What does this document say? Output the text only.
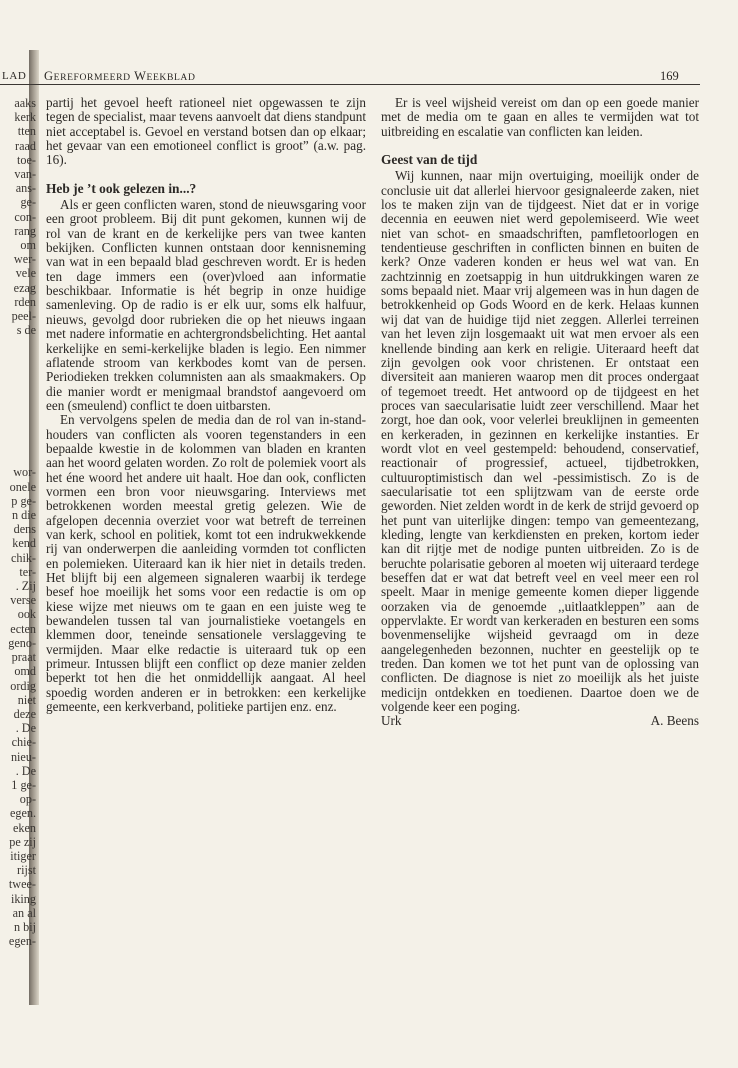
aaks
kerk
tten
raad
toe-
van-
ans-
ge-
con-
rang
om
wer-
vele
ezag
rden
peel-
s de
wor-
onele
p ge-
n die
dens
kend
chik-
ter-
. Zij
verse
ook
ecten
geno-
praat
omd
ordig
niet
deze
. De
chie-
nieu-
. De
1 ge-
op-
egen.
eken
pe zij
itiger
rijst
twee-
iking
an al
n bij
egen-
LAD GEREFORMEERD WEEKBLAD	169

partij het gevoel heeft rationeel niet opgewassen te zijn tegen de specialist, maar tevens aanvoelt dat diens standpunt niet acceptabel is. Gevoel en verstand botsen dan op elkaar; het gevaar van een emotioneel conflict is groot” (a.w. pag. 16).

Heb je ’t ook gelezen in...?

Als er geen conflicten waren, stond de nieuwsgaring voor een groot probleem. Bij dit punt gekomen, kunnen wij de rol van de krant en de kerkelijke pers van twee kanten bekijken. Conflicten kunnen ontstaan door kennisneming van wat in een bepaald blad geschreven wordt. Er is heden ten dage immers een (over)vloed aan informatie beschikbaar. Informatie is hét begrip in onze huidige samenleving. Op de radio is er elk uur, soms elk halfuur, nieuws, gevolgd door rubrieken die op het nieuws ingaan met nadere informatie en achtergrondsbelichting. Het aantal kerkelijke en semi-kerkelijke bladen is legio. Een nimmer aflatende stroom van kerkbodes komt van de persen. Periodieken trekken columnisten aan als smaakmakers. Op die manier wordt er menigmaal brandstof aangevoerd om een (smeulend) conflict te doen uitbarsten.

En vervolgens spelen de media dan de rol van in-stand-houders van conflicten als vooren tegenstanders in een bepaalde kwestie in de kolommen van bladen en kranten aan het woord gelaten worden. Zo rolt de polemiek voort als het éne woord het andere uit haalt. Hoe dan ook, conflicten vormen een bron voor nieuwsgaring. Interviews met betrokkenen worden meestal gretig gelezen. Wie de afgelopen decennia overziet voor wat betreft de terreinen van kerk, school en politiek, komt tot een indrukwekkende rij van onderwerpen die aanleiding vormden tot conflicten en polemieken. Uiteraard kan ik hier niet in details treden. Het blijft bij een algemeen signaleren waarbij ik terdege besef hoe moeilijk het soms voor een redactie is om op kiese wijze met nieuws om te gaan en een juiste weg te bewandelen tussen tal van journalistieke voetangels en klemmen door, teneinde sensationele verslaggeving te vermijden. Maar elke redactie is uiteraard tuk op een primeur. Intussen blijft een conflict op deze manier zelden beperkt tot hen die het onmiddellijk aangaat. Al heel spoedig worden anderen er in betrokken: een kerkelijke gemeente, een kerkverband, politieke partijen enz. enz.

Er is veel wijsheid vereist om dan op een goede manier met de media om te gaan en alles te vermijden wat tot uitbreiding en escalatie van conflicten kan leiden.

Geest van de tijd

Wij kunnen, naar mijn overtuiging, moeilijk onder de conclusie uit dat allerlei hiervoor gesignaleerde zaken, niet los te maken zijn van de tijdgeest. Niet dat er in vorige decennia en eeuwen niet werd gepolemiseerd. Wie weet niet van schot- en smaadschriften, pamfletoorlogen en tendentieuse geschriften in conflicten binnen en buiten de kerk? Onze vaderen konden er heus wel wat van. En zachtzinnig en zoetsappig in hun uitdrukkingen waren ze soms bepaald niet. Maar vrij algemeen was in hun dagen de betrokkenheid op Gods Woord en de kerk. Helaas kunnen wij dat van de huidige tijd niet zeggen. Allerlei terreinen van het leven zijn losgemaakt uit wat men ervoer als een knellende binding aan kerk en religie. Uiteraard heeft dat zijn gevolgen ook voor christenen. Er ontstaat een diversiteit aan manieren waarop men dit proces ondergaat of tegemoet treedt. Het antwoord op de tijdgeest en het proces van saecularisatie luidt zeer verschillend. Maar het zorgt, hoe dan ook, voor velerlei breuklijnen in gemeenten en kerkeraden, in gezinnen en kerkelijke instanties. Er wordt vlot en veel gestempeld: behoudend, conservatief, reactionair of progressief, actueel, tijdbetrokken, cultuuroptimistisch dan wel -pessimistisch. Zo is de saecularisatie tot een splijtzwam van de eerste orde geworden. Niet zelden wordt in de kerk de strijd gevoerd op het punt van uiterlijke dingen: tempo van gemeentezang, kleding, lengte van kerkdiensten en preken, kortom ieder kan dit rijtje met de nodige punten uitbreiden. Zo is de beruchte polarisatie geboren al moeten wij uiteraard terdege beseffen dat er wat dat betreft veel en veel meer een rol speelt. Maar in menige gemeente komen dieper liggende oorzaken via de genoemde ,,uitlaatkleppen” aan de oppervlakte. Er wordt van kerkeraden en besturen een soms bovenmenselijke wijsheid gevraagd om in deze aangelegenheden bezonnen, nuchter en geestelijk op te treden. Dan komen we tot het punt van de oplossing van conflicten. De diagnose is niet zo moeilijk als het juiste medicijn ontdekken en toedienen. Daartoe doen we de volgende keer een poging.

Urk	A. Beens
